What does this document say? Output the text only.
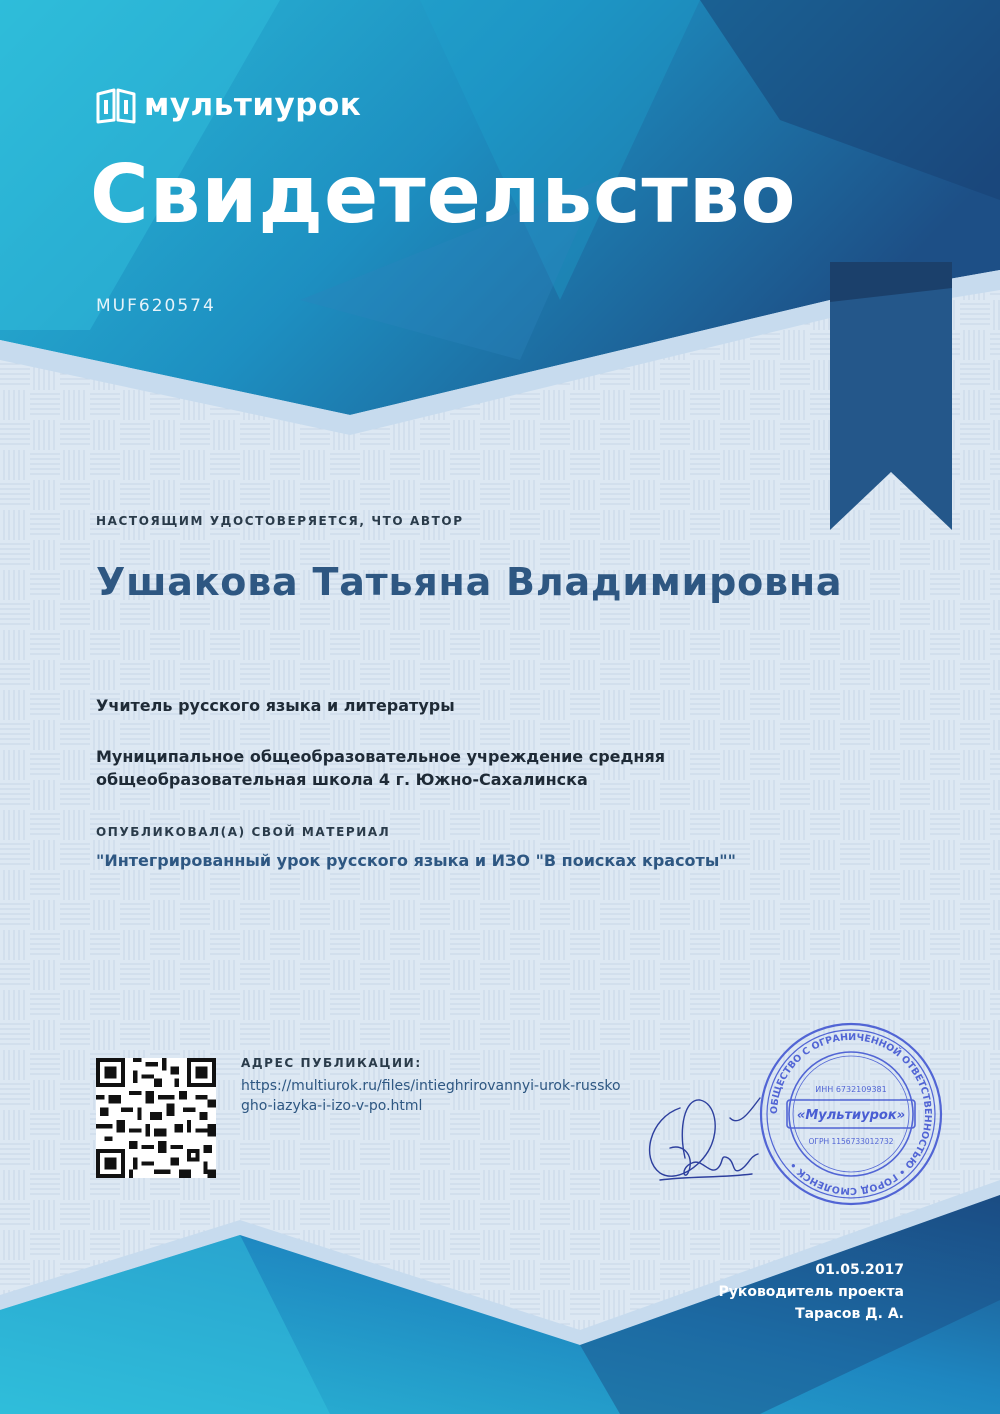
мультиурок
Свидетельство
MUF620574
НАСТОЯЩИМ УДОСТОВЕРЯЕТСЯ, ЧТО АВТОР
Ушакова Татьяна Владимировна
Учитель русского языка и литературы
Муниципальное общеобразовательное учреждение средняя общеобразовательная школа 4 г. Южно-Сахалинска
ОПУБЛИКОВАЛ(А) СВОЙ МАТЕРИАЛ
"Интегрированный урок русского языка и ИЗО "В поисках красоты""
АДРЕС ПУБЛИКАЦИИ:
https://multiurok.ru/files/intieghrirovannyi-urok-russkogho-iazyka-i-izo-v-po.html	ОБЩЕСТВО С ОГРАНИЧЕННОЙ ОТВЕТСТВЕННОСТЬЮ • ГОРОД СМОЛЕНСК •
ИНН 6732109381
«Мультиурок»
ОГРН 1156733012732
01.05.2017
Руководитель проекта
Тарасов Д. А.
